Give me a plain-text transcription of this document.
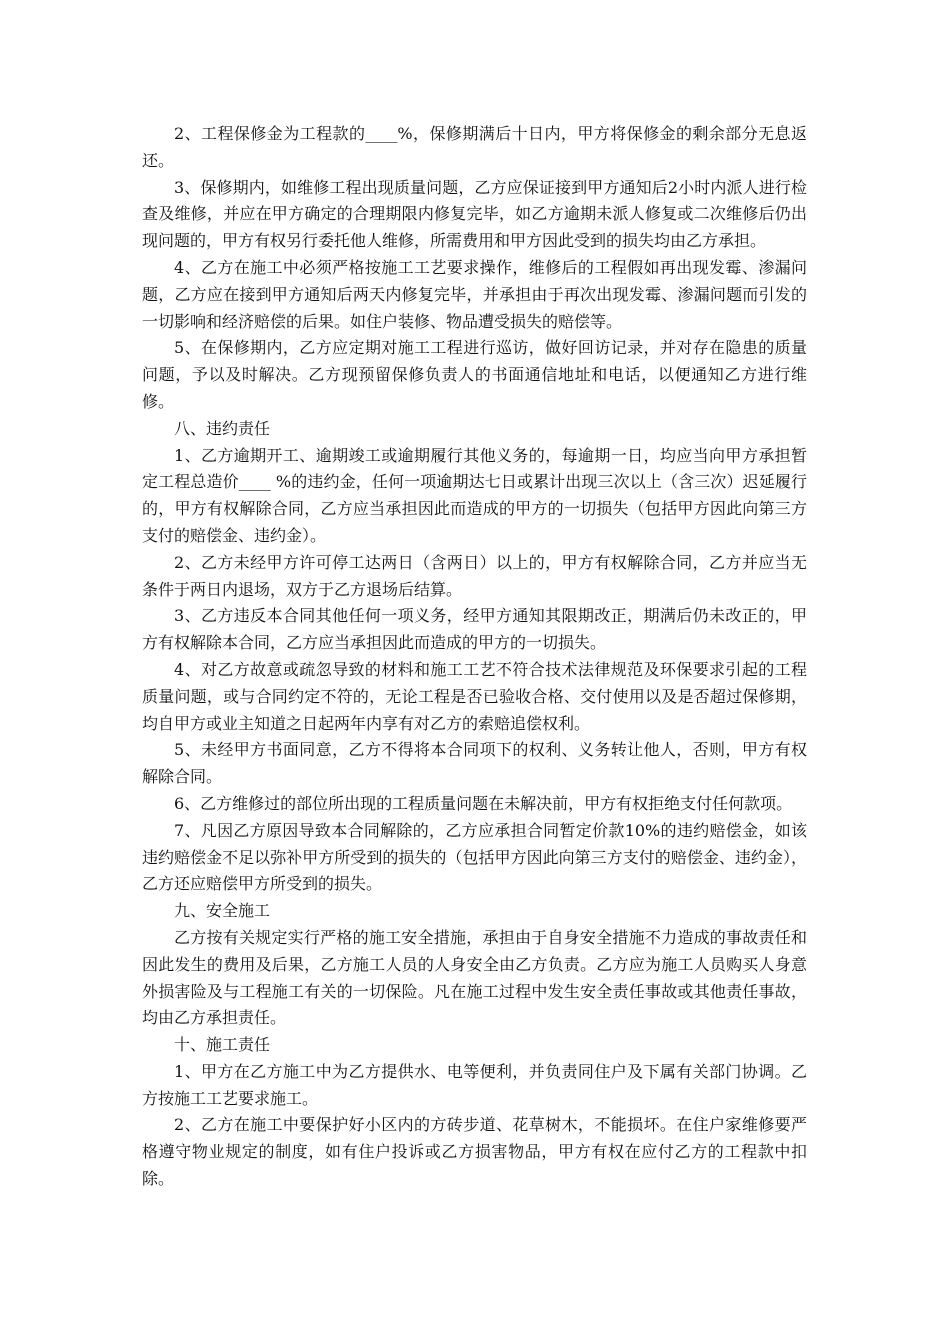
2、工程保修金为工程款的____%，保修期满后十日内，甲方将保修金的剩余部分无息返还。

3、保修期内，如维修工程出现质量问题，乙方应保证接到甲方通知后2小时内派人进行检查及维修，并应在甲方确定的合理期限内修复完毕，如乙方逾期未派人修复或二次维修后仍出现问题的，甲方有权另行委托他人维修，所需费用和甲方因此受到的损失均由乙方承担。

4、乙方在施工中必须严格按施工工艺要求操作，维修后的工程假如再出现发霉、渗漏问题，乙方应在接到甲方通知后两天内修复完毕，并承担由于再次出现发霉、渗漏问题而引发的一切影响和经济赔偿的后果。如住户装修、物品遭受损失的赔偿等。

5、在保修期内，乙方应定期对施工工程进行巡访，做好回访记录，并对存在隐患的质量问题，予以及时解决。乙方现预留保修负责人的书面通信地址和电话，以便通知乙方进行维修。

八、违约责任

1、乙方逾期开工、逾期竣工或逾期履行其他义务的，每逾期一日，均应当向甲方承担暂定工程总造价____ %的违约金，任何一项逾期达七日或累计出现三次以上（含三次）迟延履行的，甲方有权解除合同，乙方应当承担因此而造成的甲方的一切损失（包括甲方因此向第三方支付的赔偿金、违约金）。

2、乙方未经甲方许可停工达两日（含两日）以上的，甲方有权解除合同，乙方并应当无条件于两日内退场，双方于乙方退场后结算。

3、乙方违反本合同其他任何一项义务，经甲方通知其限期改正，期满后仍未改正的，甲方有权解除本合同，乙方应当承担因此而造成的甲方的一切损失。

4、对乙方故意或疏忽导致的材料和施工工艺不符合技术法律规范及环保要求引起的工程质量问题，或与合同约定不符的，无论工程是否已验收合格、交付使用以及是否超过保修期，均自甲方或业主知道之日起两年内享有对乙方的索赔追偿权利。

5、未经甲方书面同意，乙方不得将本合同项下的权利、义务转让他人，否则，甲方有权解除合同。

6、乙方维修过的部位所出现的工程质量问题在未解决前，甲方有权拒绝支付任何款项。

7、凡因乙方原因导致本合同解除的，乙方应承担合同暂定价款10%的违约赔偿金，如该违约赔偿金不足以弥补甲方所受到的损失的（包括甲方因此向第三方支付的赔偿金、违约金），乙方还应赔偿甲方所受到的损失。

九、安全施工

乙方按有关规定实行严格的施工安全措施，承担由于自身安全措施不力造成的事故责任和因此发生的费用及后果，乙方施工人员的人身安全由乙方负责。乙方应为施工人员购买人身意外损害险及与工程施工有关的一切保险。凡在施工过程中发生安全责任事故或其他责任事故，均由乙方承担责任。

十、施工责任

1、甲方在乙方施工中为乙方提供水、电等便利，并负责同住户及下属有关部门协调。乙方按施工工艺要求施工。

2、乙方在施工中要保护好小区内的方砖步道、花草树木，不能损坏。在住户家维修要严格遵守物业规定的制度，如有住户投诉或乙方损害物品，甲方有权在应付乙方的工程款中扣除。
